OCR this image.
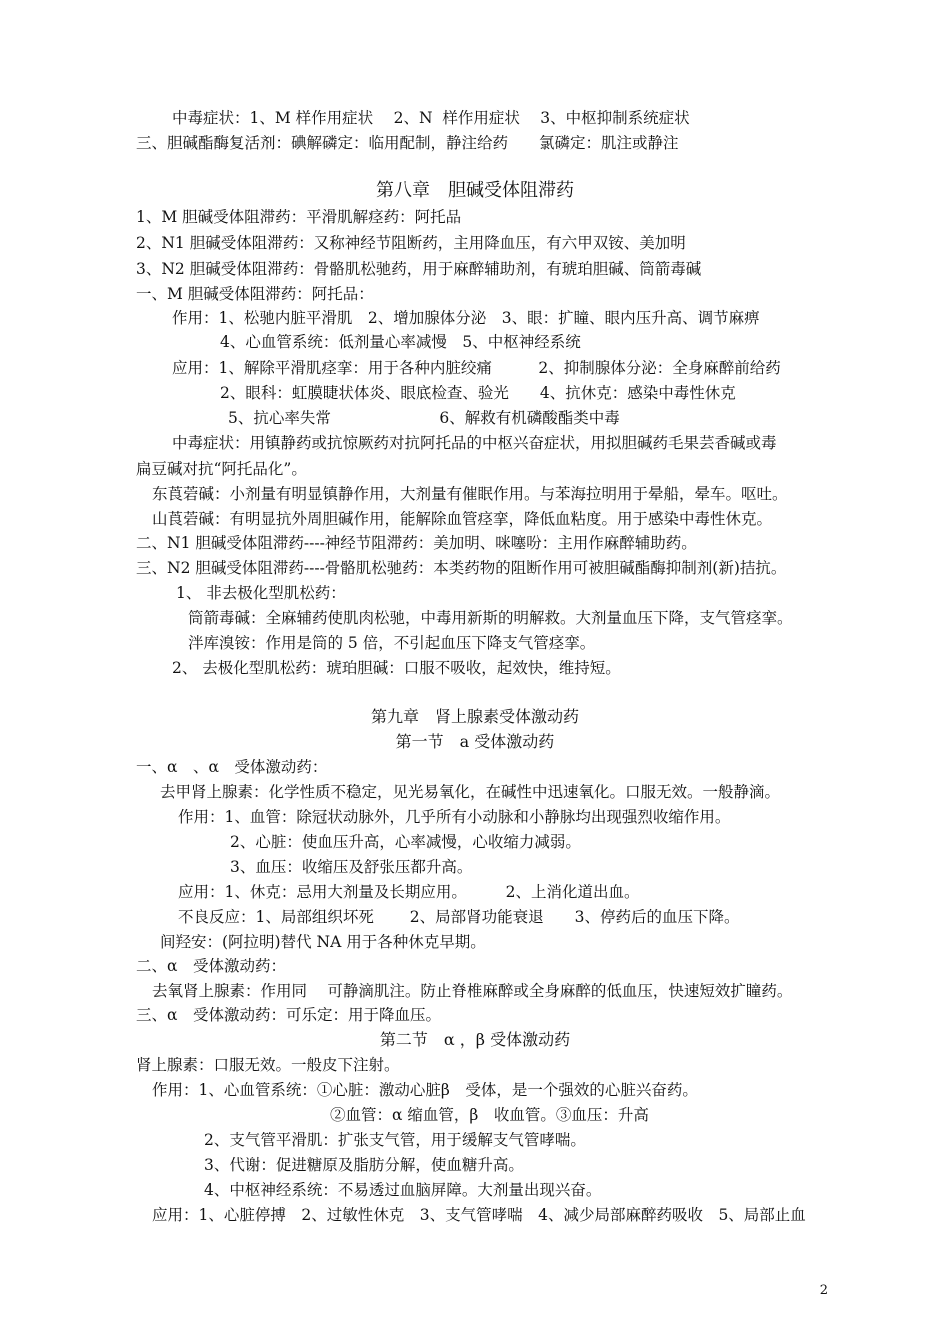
中毒症状：1、M 样作用症状　 2、N  样作用症状　 3、中枢抑制系统症状
三、胆碱酯酶复活剂：碘解磷定：临用配制，静注给药　　氯磷定：肌注或静注
第八章　胆碱受体阻滞药
1、M 胆碱受体阻滞药：平滑肌解痉药：阿托品
2、N1 胆碱受体阻滞药：又称神经节阻断药，主用降血压，有六甲双铵、美加明
3、N2 胆碱受体阻滞药：骨骼肌松驰药，用于麻醉辅助剂，有琥珀胆碱、筒箭毒碱
一、M 胆碱受体阻滞药：阿托品：
作用：1、松驰内脏平滑肌　2、增加腺体分泌　3、眼：扩瞳、眼内压升高、调节麻痹
4、心血管系统：低剂量心率减慢　5、中枢神经系统
应用：1、解除平滑肌痉挛：用于各种内脏绞痛　　　2、抑制腺体分泌：全身麻醉前给药
2、眼科：虹膜睫状体炎、眼底检查、验光　　4、抗休克：感染中毒性休克
5、抗心率失常　　　　　　　6、解救有机磷酸酯类中毒
中毒症状：用镇静药或抗惊厥药对抗阿托品的中枢兴奋症状，用拟胆碱药毛果芸香碱或毒
扁豆碱对抗“阿托品化”。
东莨菪碱：小剂量有明显镇静作用，大剂量有催眠作用。与苯海拉明用于晕船，晕车。呕吐。
山莨菪碱：有明显抗外周胆碱作用，能解除血管痉挛，降低血粘度。用于感染中毒性休克。
二、N1 胆碱受体阻滞药----神经节阻滞药：美加明、咪噻吩：主用作麻醉辅助药。
三、N2 胆碱受体阻滞药----骨骼肌松驰药：本类药物的阻断作用可被胆碱酯酶抑制剂(新)拮抗。
1、 非去极化型肌松药：
筒箭毒碱：全麻辅药使肌肉松驰，中毒用新斯的明解救。大剂量血压下降，支气管痉挛。
泮库溴铵：作用是筒的 5 倍，不引起血压下降支气管痉挛。
2、 去极化型肌松药：琥珀胆碱：口服不吸收，起效快，维持短。
第九章　肾上腺素受体激动药
第一节　a 受体激动药
一、α　、α　受体激动药：
去甲肾上腺素：化学性质不稳定，见光易氧化，在碱性中迅速氧化。口服无效。一般静滴。
作用：1、血管：除冠状动脉外，几乎所有小动脉和小静脉均出现强烈收缩作用。
2、心脏：使血压升高，心率减慢，心收缩力减弱。
3、血压：收缩压及舒张压都升高。
应用：1、休克：忌用大剂量及长期应用。　　　2、上消化道出血。
不良反应：1、局部组织坏死　　 2、局部肾功能衰退　　3、停药后的血压下降。
间羟安：(阿拉明)替代 NA 用于各种休克早期。
二、α　受体激动药：
去氧肾上腺素：作用同　 可静滴肌注。防止脊椎麻醉或全身麻醉的低血压，快速短效扩瞳药。
三、α　受体激动药：可乐定：用于降血压。
第二节　α ，β 受体激动药
肾上腺素：口服无效。一般皮下注射。
作用：1、心血管系统：①心脏：激动心脏β　受体，是一个强效的心脏兴奋药。
②血管：α 缩血管，β　收血管。③血压：升高
2、支气管平滑肌：扩张支气管，用于缓解支气管哮喘。
3、代谢：促进糖原及脂肪分解，使血糖升高。
4、中枢神经系统：不易透过血脑屏障。大剂量出现兴奋。
应用：1、心脏停搏　2、过敏性休克　3、支气管哮喘　4、减少局部麻醉药吸收　5、局部止血
2
